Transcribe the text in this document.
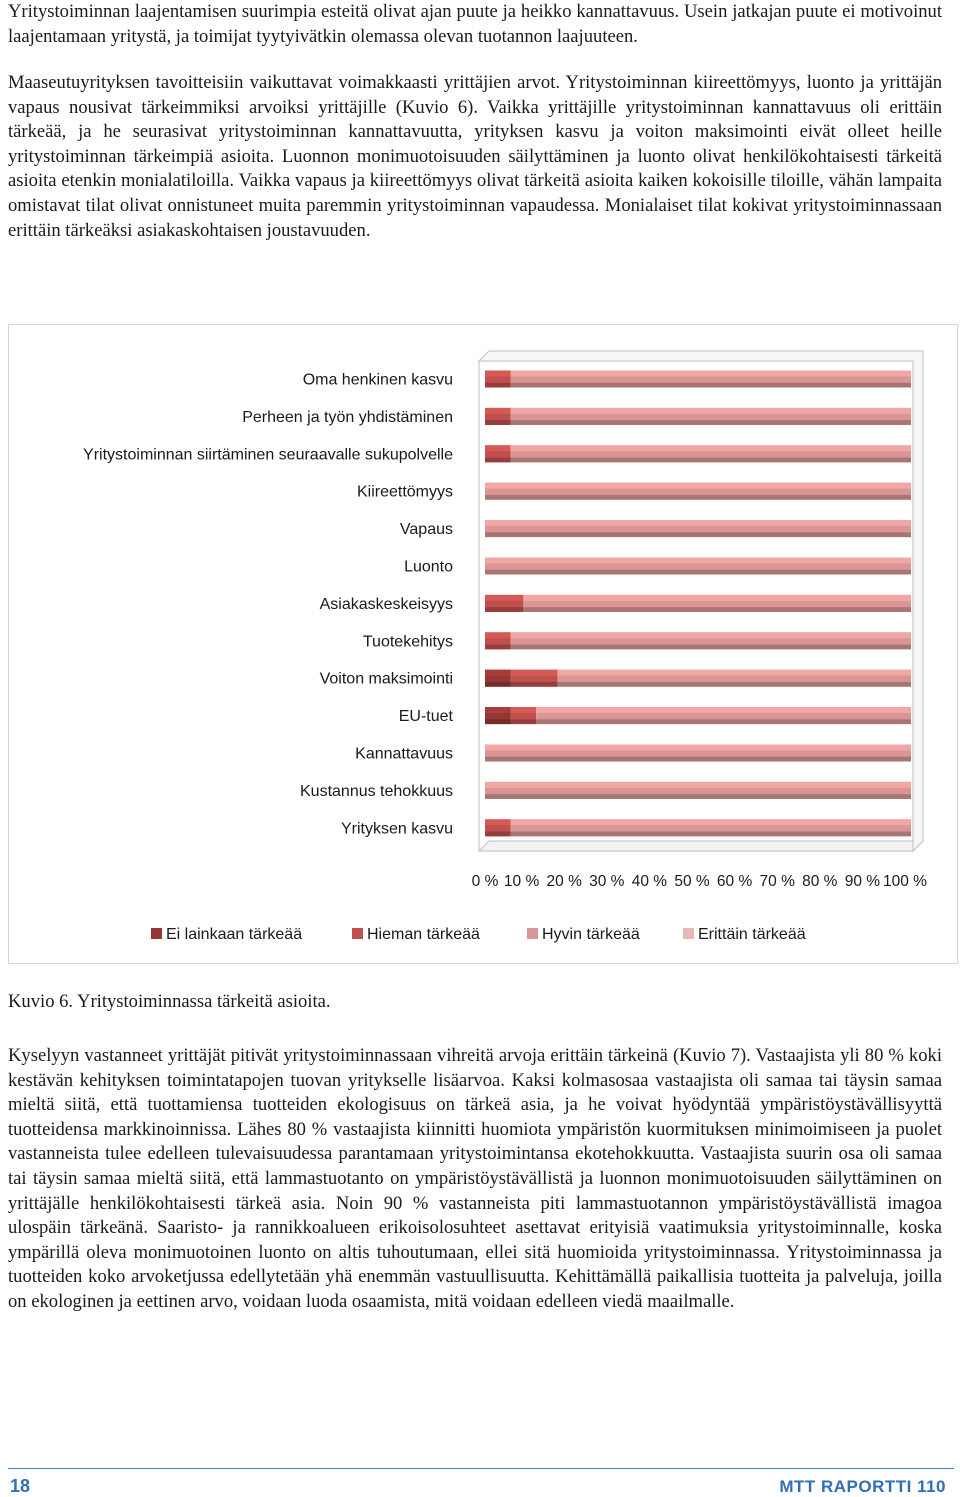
Yritystoiminnan laajentamisen suurimpia esteitä olivat ajan puute ja heikko kannattavuus. Usein jatkajan puute ei motivoinut laajentamaan yritystä, ja toimijat tyytyivätkin olemassa olevan tuotannon laajuuteen.

Maaseutuyrityksen tavoitteisiin vaikuttavat voimakkaasti yrittäjien arvot. Yritystoiminnan kiireettömyys, luonto ja yrittäjän vapaus nousivat tärkeimmiksi arvoiksi yrittäjille (Kuvio 6). Vaikka yrittäjille yritystoiminnan kannattavuus oli erittäin tärkeää, ja he seurasivat yritystoiminnan kannattavuutta, yrityksen kasvu ja voiton maksimointi eivät olleet heille yritystoiminnan tärkeimpiä asioita. Luonnon monimuotoisuuden säilyttäminen ja luonto olivat henkilökohtaisesti tärkeitä asioita etenkin monialatiloilla. Vaikka vapaus ja kiireettömyys olivat tärkeitä asioita kaiken kokoisille tiloille, vähän lampaita omistavat tilat olivat onnistuneet muita paremmin yritystoiminnan vapaudessa. Monialaiset tilat kokivat yritystoiminnassaan erittäin tärkeäksi asiakaskohtaisen joustavuuden.

Oma henkinen kasvu
Perheen ja työn yhdistäminen
Yritystoiminnan siirtäminen seuraavalle sukupolvelle
Kiireettömyys
Vapaus
Luonto
Asiakaskeskeisyys
Tuotekehitys
Voiton maksimointi
EU-tuet
Kannattavuus
Kustannus tehokkuus
Yrityksen kasvu
0 % 10 % 20 % 30 % 40 % 50 % 60 % 70 % 80 % 90 % 100 %
Ei lainkaan tärkeää	Hieman tärkeää	Hyvin tärkeää	Erittäin tärkeää

Kuvio 6. Yritystoiminnassa tärkeitä asioita.

Kyselyyn vastanneet yrittäjät pitivät yritystoiminnassaan vihreitä arvoja erittäin tärkeinä (Kuvio 7). Vastaajista yli 80 % koki kestävän kehityksen toimintatapojen tuovan yritykselle lisäarvoa. Kaksi kolmasosaa vastaajista oli samaa tai täysin samaa mieltä siitä, että tuottamiensa tuotteiden ekologisuus on tärkeä asia, ja he voivat hyödyntää ympäristöystävällisyyttä tuotteidensa markkinoinnissa. Lähes 80 % vastaajista kiinnitti huomiota ympäristön kuormituksen minimoimiseen ja puolet vastanneista tulee edelleen tulevaisuudessa parantamaan yritystoimintansa ekotehokkuutta. Vastaajista suurin osa oli samaa tai täysin samaa mieltä siitä, että lammastuotanto on ympäristöystävällistä ja luonnon monimuotoisuuden säilyttäminen on yrittäjälle henkilökohtaisesti tärkeä asia. Noin 90 % vastanneista piti lammastuotannon ympäristöystävällistä imagoa ulospäin tärkeänä. Saaristo- ja rannikkoalueen erikoisolosuhteet asettavat erityisiä vaatimuksia yritystoiminnalle, koska ympärillä oleva monimuotoinen luonto on altis tuhoutumaan, ellei sitä huomioida yritystoiminnassa. Yritystoiminnassa ja tuotteiden koko arvoketjussa edellytetään yhä enemmän vastuullisuutta. Kehittämällä paikallisia tuotteita ja palveluja, joilla on ekologinen ja eettinen arvo, voidaan luoda osaamista, mitä voidaan edelleen viedä maailmalle.

18	MTT RAPORTTI 110
